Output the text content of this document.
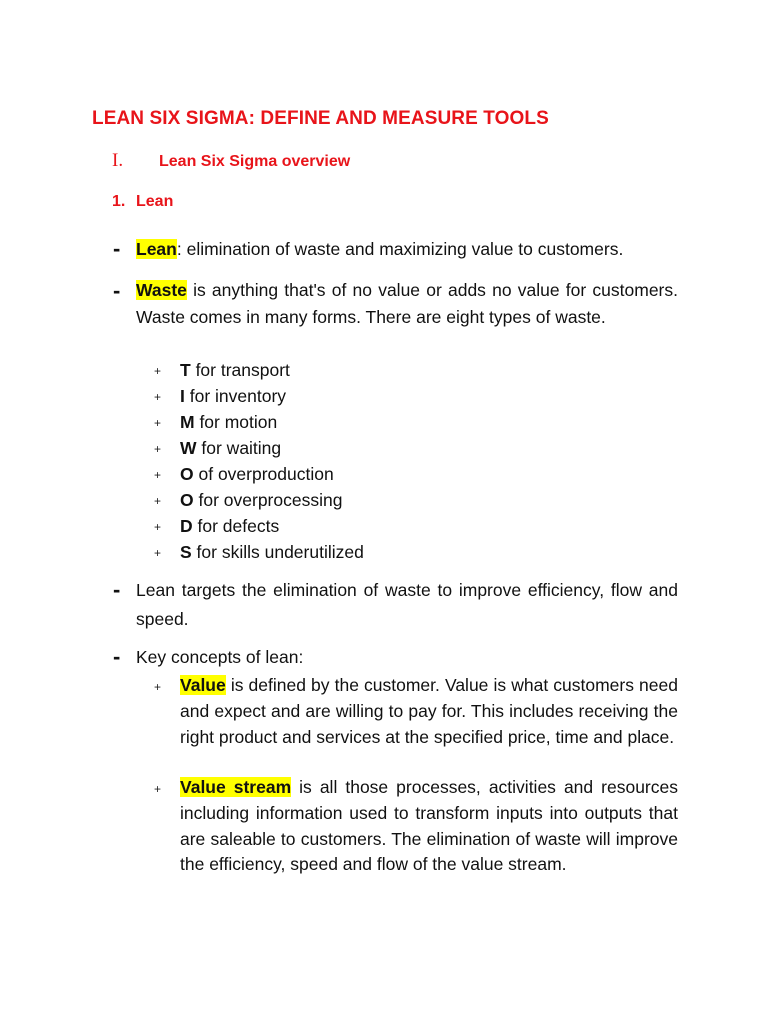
LEAN SIX SIGMA: DEFINE AND MEASURE TOOLS
I. Lean Six Sigma overview
1. Lean
- Lean: elimination of waste and maximizing value to customers.
- Waste is anything that's of no value or adds no value for customers. Waste comes in many forms. There are eight types of waste.
+ T for transport
+ I for inventory
+ M for motion
+ W for waiting
+ O of overproduction
+ O for overprocessing
+ D for defects
+ S for skills underutilized
- Lean targets the elimination of waste to improve efficiency, flow and speed.
- Key concepts of lean:
+	Value is defined by the customer. Value is what customers need and expect and are willing to pay for. This includes receiving the right product and services at the specified price, time and place.
+	Value stream is all those processes, activities and resources including information used to transform inputs into outputs that are saleable to customers. The elimination of waste will improve the efficiency, speed and flow of the value stream.
